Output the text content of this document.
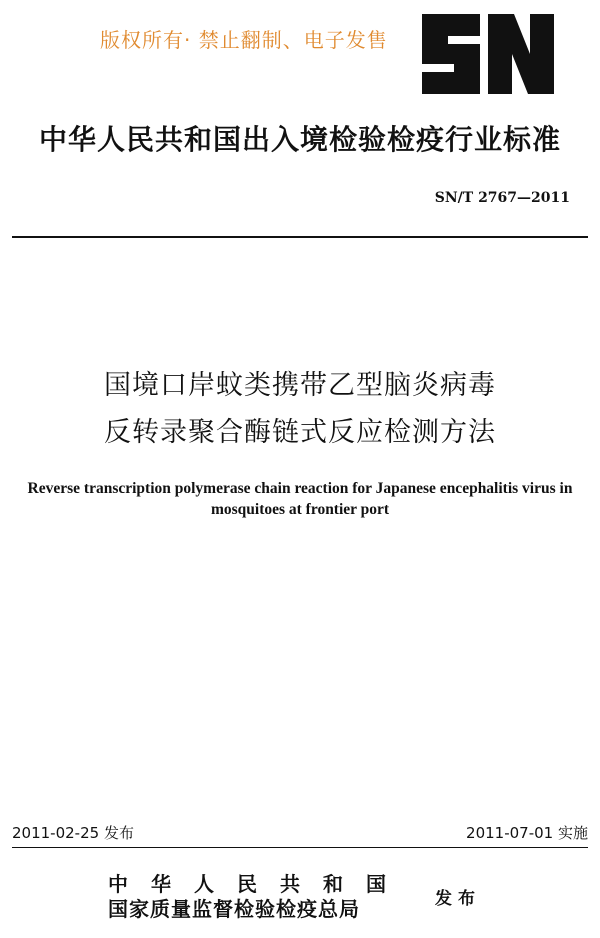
版权所有· 禁止翻制、电子发售
中华人民共和国出入境检验检疫行业标准
SN/T 2767—2011
国境口岸蚊类携带乙型脑炎病毒
反转录聚合酶链式反应检测方法
Reverse transcription polymerase chain reaction for Japanese encephalitis virus in
mosquitoes at frontier port
2011-02-25 发布	2011-07-01 实施
中华人民共和国
国家质量监督检验检疫总局	发布
